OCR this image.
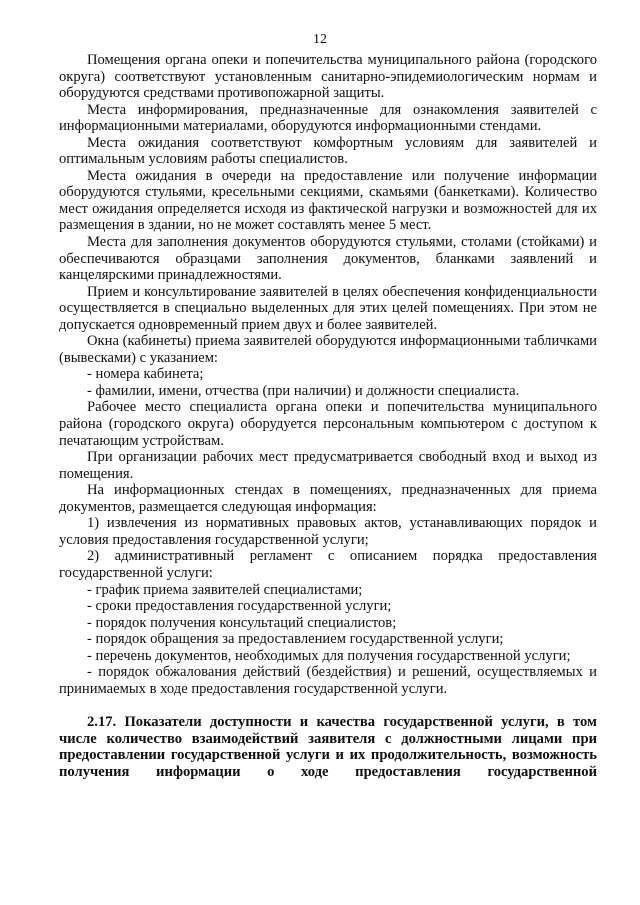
12

Помещения органа опеки и попечительства муниципального района (городского округа) соответствуют установленным санитарно-эпидемиологическим нормам и оборудуются средствами противопожарной защиты.

Места информирования, предназначенные для ознакомления заявителей с информационными материалами, оборудуются информационными стендами.

Места ожидания соответствуют комфортным условиям для заявителей и оптимальным условиям работы специалистов.

Места ожидания в очереди на предоставление или получение информации оборудуются стульями, кресельными секциями, скамьями (банкетками). Количество мест ожидания определяется исходя из фактической нагрузки и возможностей для их размещения в здании, но не может составлять менее 5 мест.

Места для заполнения документов оборудуются стульями, столами (стойками) и обеспечиваются образцами заполнения документов, бланками заявлений и канцелярскими принадлежностями.

Прием и консультирование заявителей в целях обеспечения конфиденциальности осуществляется в специально выделенных для этих целей помещениях. При этом не допускается одновременный прием двух и более заявителей.

Окна (кабинеты) приема заявителей оборудуются информационными табличками (вывесками) с указанием:

- номера кабинета;

- фамилии, имени, отчества (при наличии) и должности специалиста.

Рабочее место специалиста органа опеки и попечительства муниципального района (городского округа) оборудуется персональным компьютером с доступом к печатающим устройствам.

При организации рабочих мест предусматривается свободный вход и выход из помещения.

На информационных стендах в помещениях, предназначенных для приема документов, размещается следующая информация:

1) извлечения из нормативных правовых актов, устанавливающих порядок и условия предоставления государственной услуги;

2) административный регламент с описанием порядка предоставления государственной услуги:

- график приема заявителей специалистами;

- сроки предоставления государственной услуги;

- порядок получения консультаций специалистов;

- порядок обращения за предоставлением государственной услуги;

- перечень документов, необходимых для получения государственной услуги;

- порядок обжалования действий (бездействия) и решений, осуществляемых и принимаемых в ходе предоставления государственной услуги.

2.17. Показатели доступности и качества государственной услуги, в том числе количество взаимодействий заявителя с должностными лицами при предоставлении государственной услуги и их продолжительность, возможность получения информации о ходе предоставления государственной
